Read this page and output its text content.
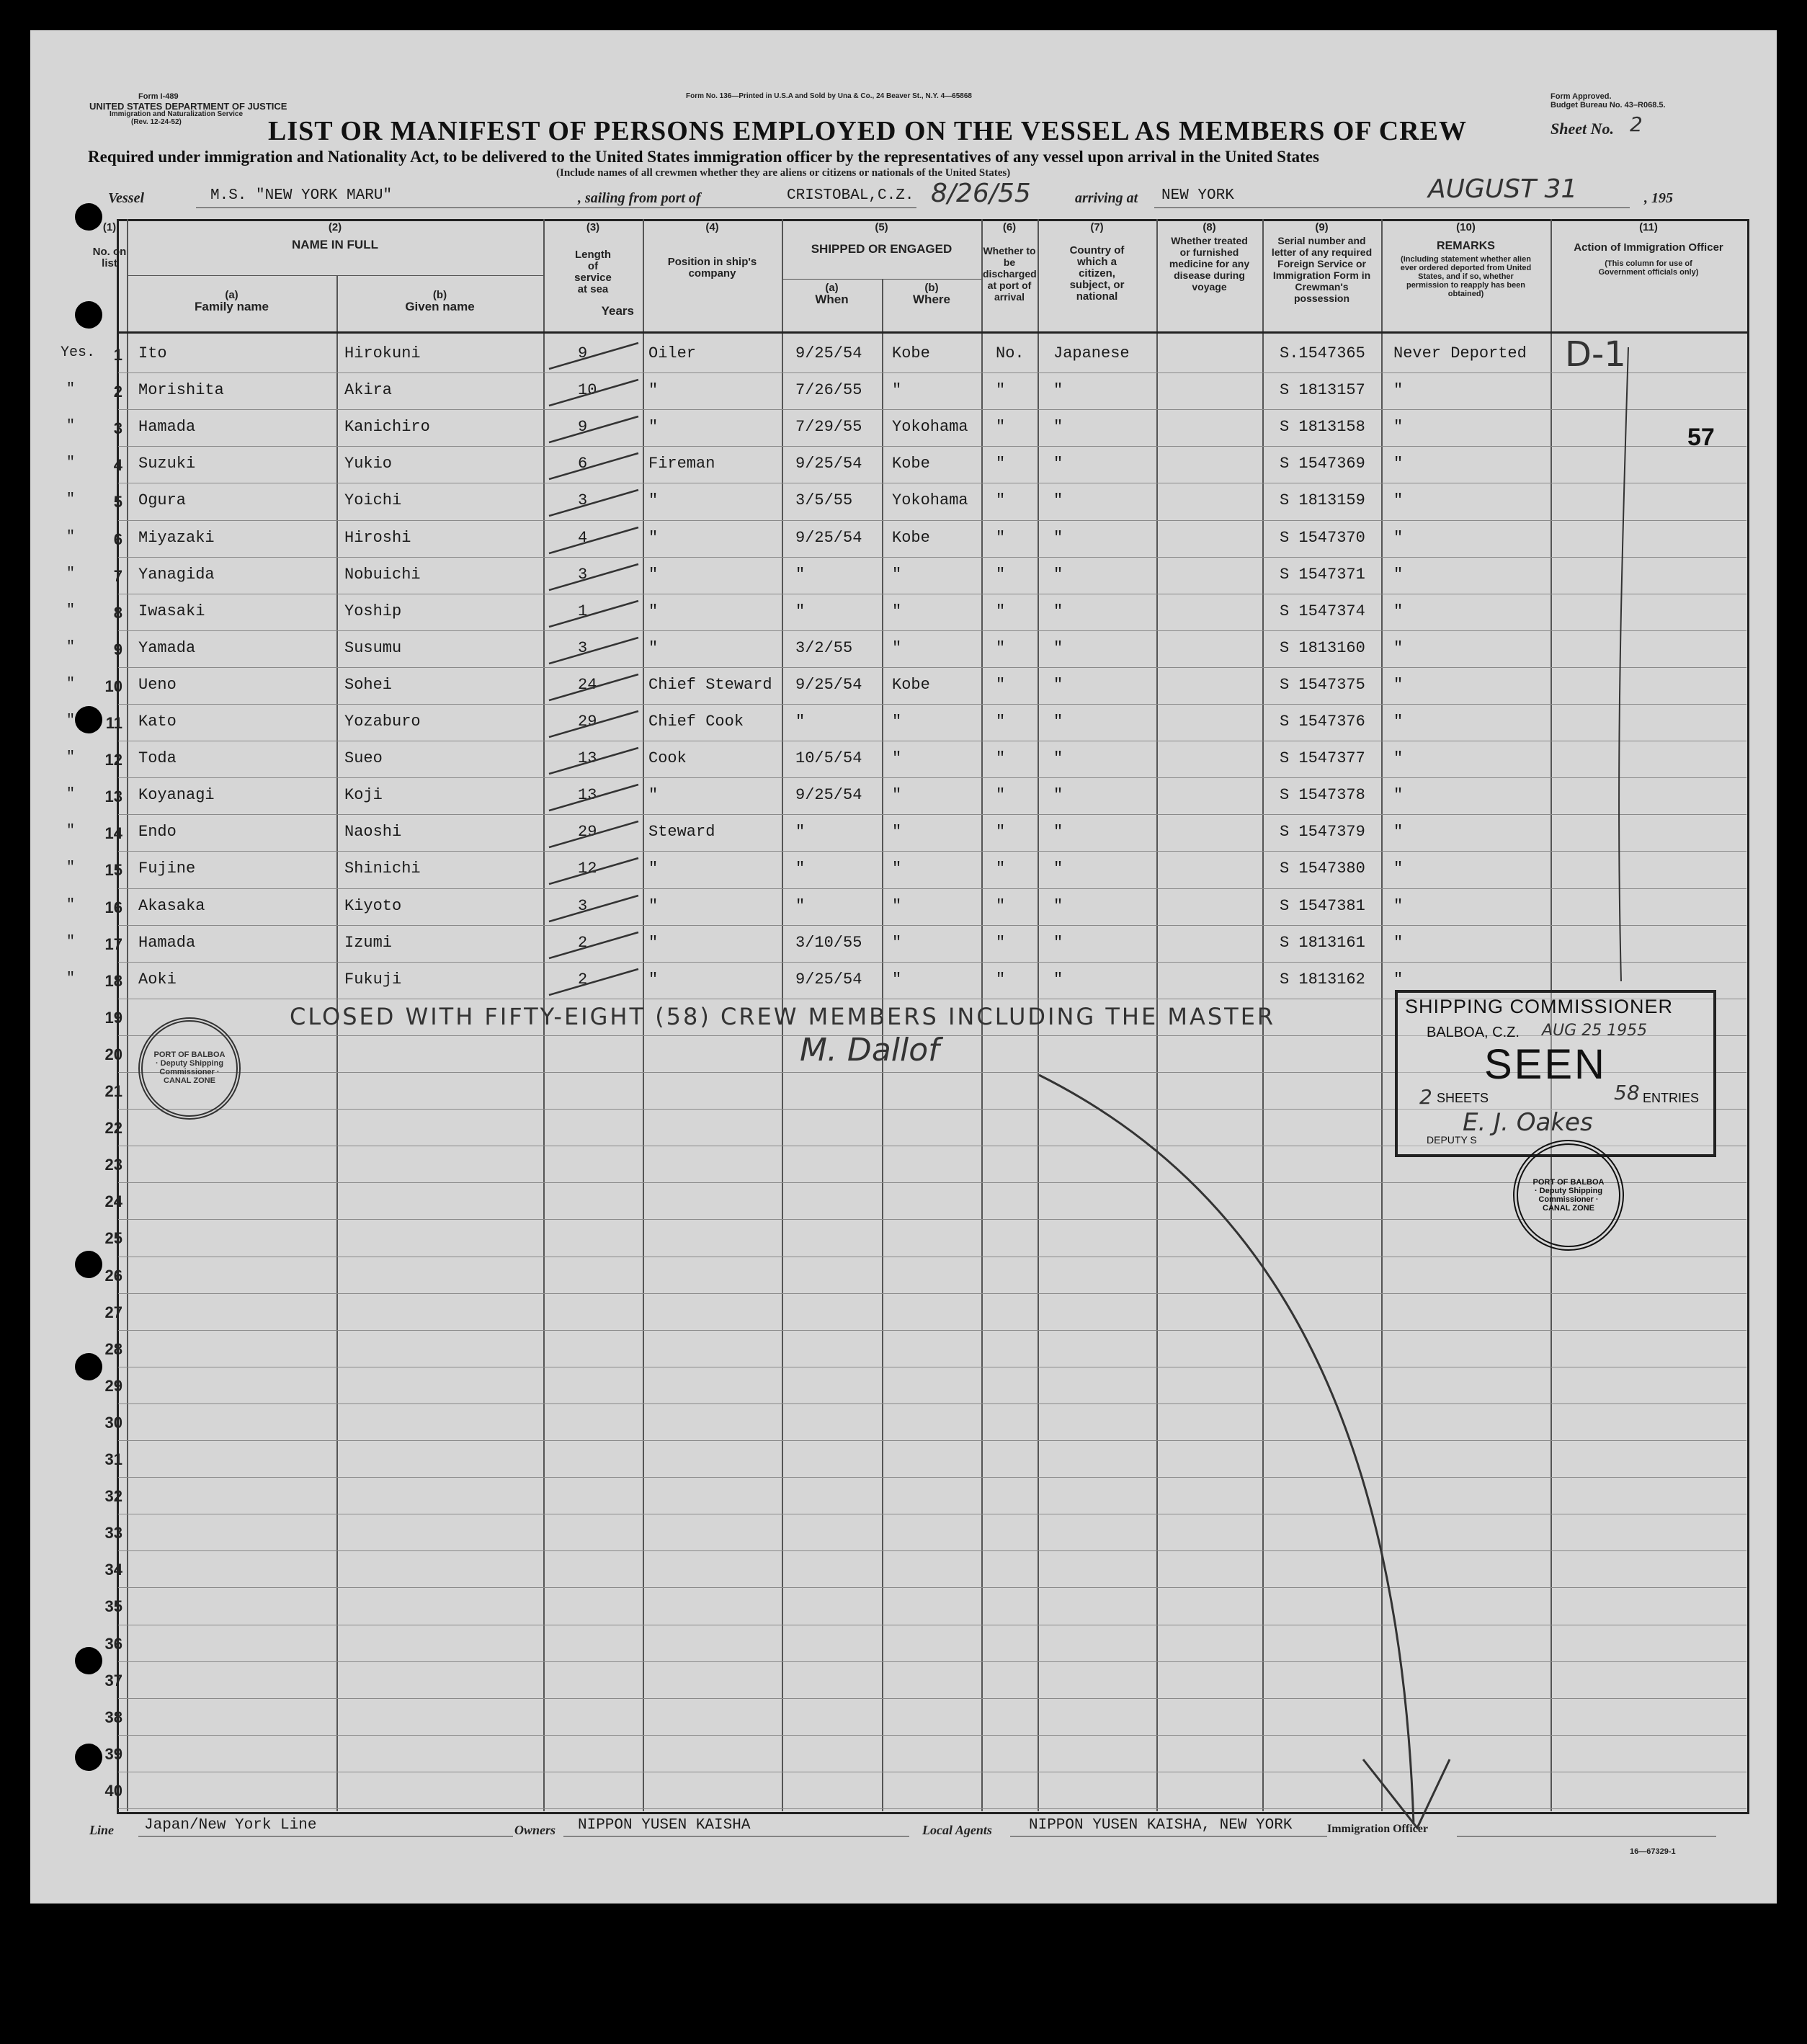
Form I-489
UNITED STATES DEPARTMENT OF JUSTICE
Immigration and Naturalization Service
(Rev. 12-24-52)
Form No. 136—Printed in U.S.A and Sold by Una & Co., 24 Beaver St., N.Y. 4—65868	Form Approved.
Budget Bureau No. 43–R068.5.
LIST OR MANIFEST OF PERSONS EMPLOYED ON THE VESSEL AS MEMBERS OF CREW	Sheet No. 2
Required under immigration and Nationality Act, to be delivered to the United States immigration officer by the representatives of any vessel upon arrival in the United States
(Include names of all crewmen whether they are aliens or citizens or nationals of the United States)
Vessel	M.S. "NEW YORK MARU"	, sailing from port of	CRISTOBAL,C.Z. 8/26/55	arriving at NEW YORK	AUGUST 31	, 195
(1)
No. on list
(2)
NAME IN FULL
(a)
Family name
(b)
Given name
(3)
Length of service at sea
Years
(4)
Position in ship's company
(5)
SHIPPED OR ENGAGED
(a)
When
(b)
Where
(6)
Whether to be discharged at port of arrival
(7)
Country of which a citizen, subject, or national
(8)
Whether treated or furnished medicine for any disease during voyage
(9)
Serial number and letter of any required Foreign Service or Immigration Form in Crewman's possession
(10)
REMARKS
(Including statement whether alien ever ordered deported from United States, and if so, whether permission to reapply has been obtained)
(11)
Action of Immigration Officer
(This column for use of Government officials only)
1
Yes.	Ito	Hirokuni	9	Oiler	9/25/54 Kobe	No. Japanese	S.1547365 Never Deported
2
"	Morishita	Akira	10	"	7/26/55 "	"	"	S 1813157 "
3
"	Hamada	Kanichiro	9	"	7/29/55 Yokohama "	"	S 1813158 "
4
"	Suzuki	Yukio	6	Fireman	9/25/54 Kobe	"	"	S 1547369 "
5
"	Ogura	Yoichi	3	"	3/5/55 Yokohama "	"	S 1813159 "
6
"	Miyazaki	Hiroshi	4	"	9/25/54 Kobe	"	"	S 1547370 "
7
"	Yanagida	Nobuichi	3	"	"	"	"	"	S 1547371 "
8
"	Iwasaki	Yoship	1	"	"	"	"	"	S 1547374 "
9
"	Yamada	Susumu	3	"	3/2/55 "	"	"	S 1813160 "
10
"	Ueno	Sohei	24	Chief Steward 9/25/54 Kobe	"	"	S 1547375 "
11
"	Kato	Yozaburo	29	Chief Cook	"	"	"	"	S 1547376 "
12
"	Toda	Sueo	13	Cook	10/5/54 "	"	"	S 1547377 "
13
"	Koyanagi	Koji	13	"	9/25/54 "	"	"	S 1547378 "
14
"	Endo	Naoshi	29	Steward	"	"	"	"	S 1547379 "
15
"	Fujine	Shinichi	12	"	"	"	"	"	S 1547380 "
16
"	Akasaka	Kiyoto	3	"	"	"	"	"	S 1547381 "
17
"	Hamada	Izumi	2	"	3/10/55 "	"	"	S 1813161 "
18
"	Aoki	Fukuji	2	"	9/25/54 "	"	"	S 1813162 "
19
20
21
22
23
24
25
26
27
28
29
30
31
32
33
34
35
36
37
38
39
40
CLOSED WITH FIFTY-EIGHT (58) CREW MEMBERS INCLUDING THE MASTER
M. Dallof
D-1
57
PORT OF BALBOA · Deputy Shipping Commissioner · CANAL ZONE
SHIPPING COMMISSIONER
BALBOA, C.Z. AUG 25 1955
SEEN
2 SHEETS	58 ENTRIES
E. J. Oakes
DEPUTY S
PORT OF BALBOA · Deputy Shipping Commissioner · CANAL ZONE
Line Japan/New York Line	Owners NIPPON YUSEN KAISHA	Local Agents NIPPON YUSEN KAISHA, NEW YORK	Immigration Officer
16—67329-1
